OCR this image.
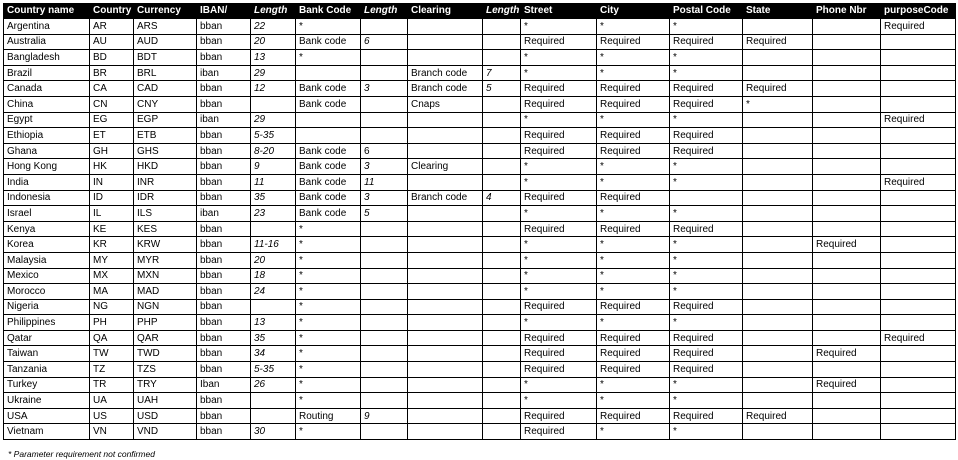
Country name	Country	Currency	IBAN/	Length	Bank Code	Length	Clearing	Length	Street	City	Postal Code	State	Phone Nbr	purposeCode
Argentina	AR	ARS	bban	22	*				*	*	*			Required
Australia	AU	AUD	bban	20	Bank code	6			Required	Required	Required	Required		
Bangladesh	BD	BDT	bban	13	*				*	*	*			
Brazil	BR	BRL	iban	29			Branch code	7	*	*	*			
Canada	CA	CAD	bban	12	Bank code	3	Branch code	5	Required	Required	Required	Required		
China	CN	CNY	bban		Bank code		Cnaps		Required	Required	Required	*		
Egypt	EG	EGP	iban	29					*	*	*			Required
Ethiopia	ET	ETB	bban	5-35					Required	Required	Required			
Ghana	GH	GHS	bban	8-20	Bank code	6			Required	Required	Required			
Hong Kong	HK	HKD	bban	9	Bank code	3	Clearing		*	*	*			
India	IN	INR	bban	11	Bank code	11			*	*	*			Required
Indonesia	ID	IDR	bban	35	Bank code	3	Branch code	4	Required	Required				
Israel	IL	ILS	iban	23	Bank code	5			*	*	*			
Kenya	KE	KES	bban		*				Required	Required	Required			
Korea	KR	KRW	bban	11-16	*				*	*	*		Required	
Malaysia	MY	MYR	bban	20	*				*	*	*			
Mexico	MX	MXN	bban	18	*				*	*	*			
Morocco	MA	MAD	bban	24	*				*	*	*			
Nigeria	NG	NGN	bban		*				Required	Required	Required			
Philippines	PH	PHP	bban	13	*				*	*	*			
Qatar	QA	QAR	bban	35	*				Required	Required	Required			Required
Taiwan	TW	TWD	bban	34	*				Required	Required	Required		Required	
Tanzania	TZ	TZS	bban	5-35	*				Required	Required	Required			
Turkey	TR	TRY	Iban	26	*				*	*	*		Required	
Ukraine	UA	UAH	bban		*				*	*	*			
USA	US	USD	bban		Routing	9			Required	Required	Required	Required		
Vietnam	VN	VND	bban	30	*				Required	*	*			
* Parameter requirement not confirmed
